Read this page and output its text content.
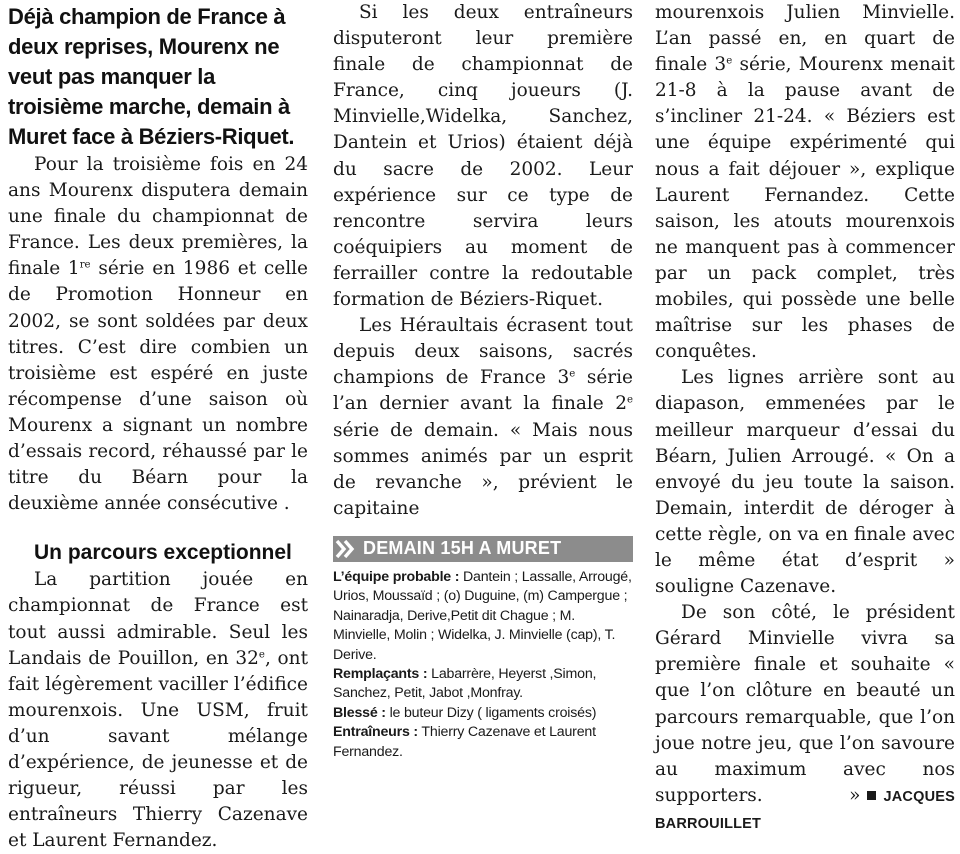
Déjà champion de France à deux reprises, Mourenx ne veut pas manquer la troisième marche, demain à Muret face à Béziers-Riquet.

Pour la troisième fois en 24 ans Mourenx disputera demain une finale du championnat de France. Les deux premières, la finale 1re série en 1986 et celle de Promotion Honneur en 2002, se sont soldées par deux titres. C’est dire combien un troisième est espéré en juste récompense d’une saison où Mourenx a signant un nombre d’essais record, réhaussé par le titre du Béarn pour la deuxième année consécutive .

Un parcours exceptionnel

La partition jouée en championnat de France est tout aussi admirable. Seul les Landais de Pouillon, en 32e, ont fait légèrement vaciller l’édifice mourenxois. Une USM, fruit d’un savant mélange d’expérience, de jeunesse et de rigueur, réussi par les entraîneurs Thierry Cazenave et Laurent Fernandez.

Si les deux entraîneurs disputeront leur première finale de championnat de France, cinq joueurs (J. Minvielle,Widelka, Sanchez, Dantein et Urios) étaient déjà du sacre de 2002. Leur expérience sur ce type de rencontre servira leurs coéquipiers au moment de ferrailler contre la redoutable formation de Béziers-Riquet.

Les Héraultais écrasent tout depuis deux saisons, sacrés champions de France 3e série l’an dernier avant la finale 2e série de demain. « Mais nous sommes animés par un esprit de revanche », prévient le capitaine

DEMAIN 15H A MURET

L’équipe probable : Dantein ; Lassalle, Arrougé, Urios, Moussaïd ; (o) Duguine, (m) Campergue ; Nainaradja, Derive,Petit dit Chague ; M. Minvielle, Molin ; Widelka, J. Minvielle (cap), T. Derive.

Remplaçants : Labarrère, Heyerst ,Simon, Sanchez, Petit, Jabot ,Monfray.

Blessé : le buteur Dizy ( ligaments croisés)

Entraîneurs : Thierry Cazenave et Laurent Fernandez.

mourenxois Julien Minvielle. L’an passé en, en quart de finale 3e série, Mourenx menait 21-8 à la pause avant de s’incliner 21-24. « Béziers est une équipe expérimenté qui nous a fait déjouer », explique Laurent Fernandez. Cette saison, les atouts mourenxois ne manquent pas à commencer par un pack complet, très mobiles, qui possède une belle maîtrise sur les phases de conquêtes.

Les lignes arrière sont au diapason, emmenées par le meilleur marqueur d’essai du Béarn, Julien Arrougé. « On a envoyé du jeu toute la saison. Demain, interdit de déroger à cette règle, on va en finale avec le même état d’esprit » souligne Cazenave.

De son côté, le président Gérard Minvielle vivra sa première finale et souhaite « que l’on clôture en beauté un parcours remarquable, que l’on joue notre jeu, que l’on savoure au maximum avec nos supporters. » JACQUES BARROUILLET
